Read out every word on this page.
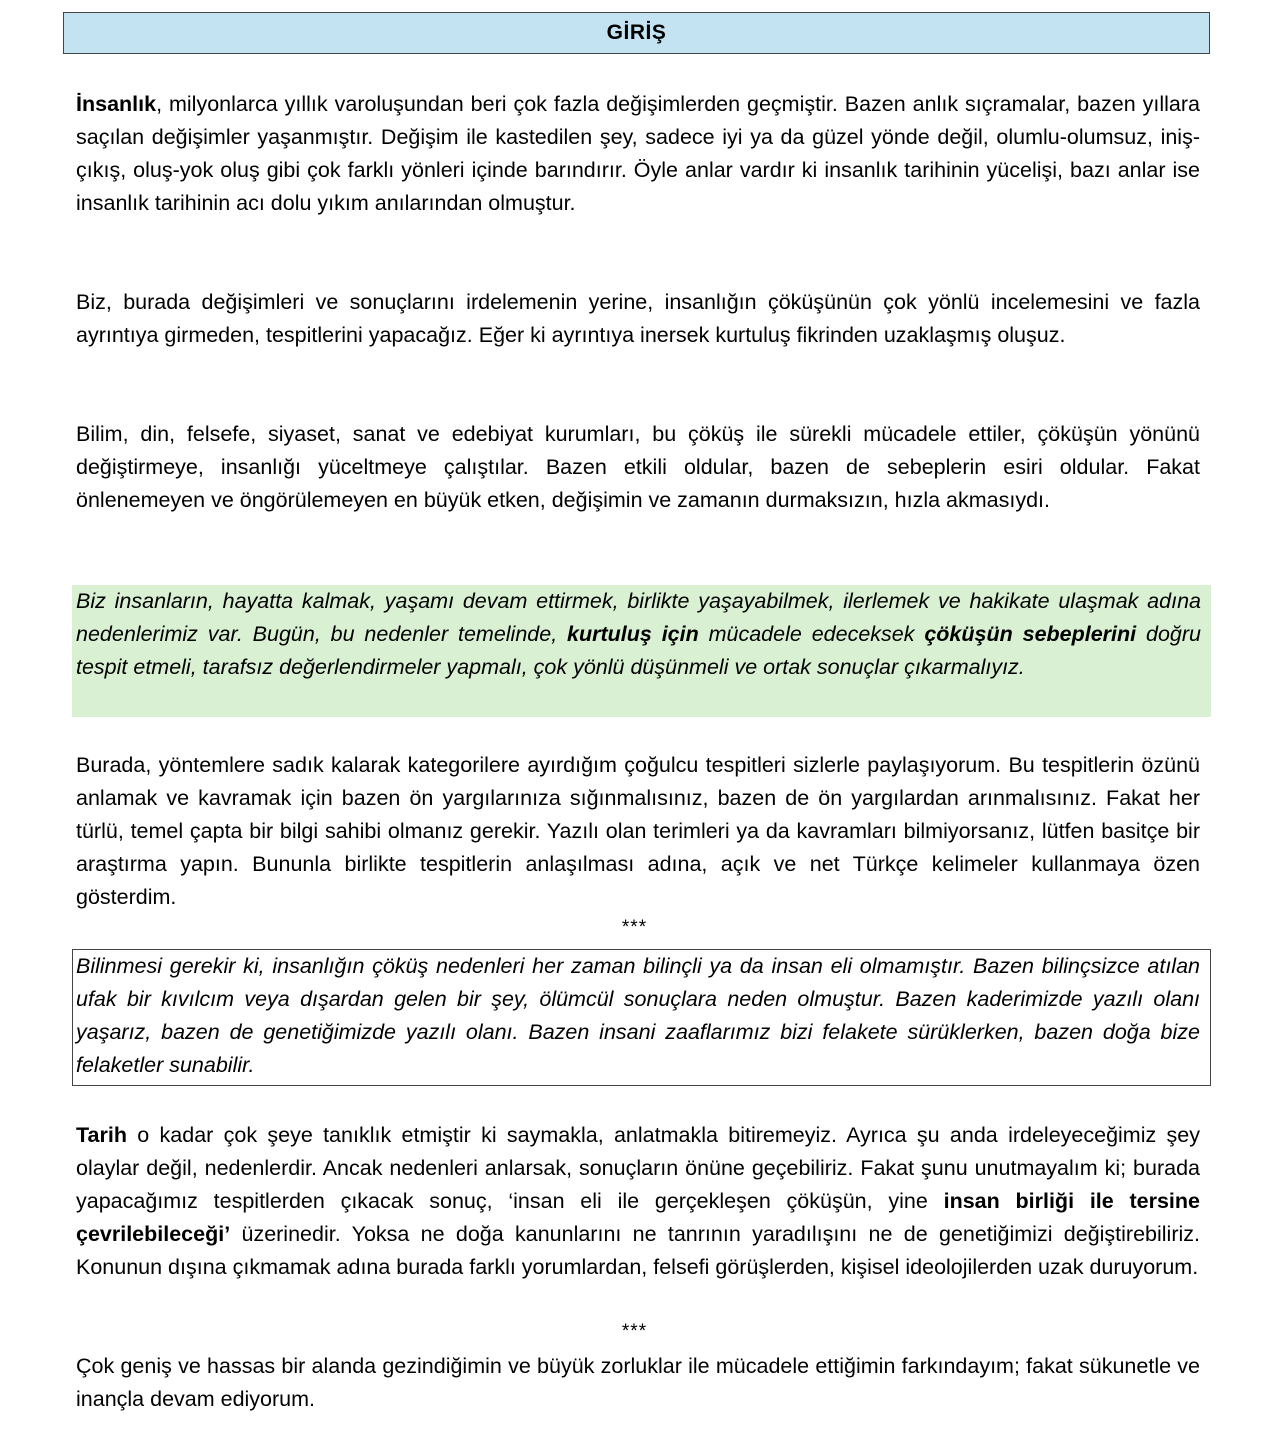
GİRİŞ

İnsanlık, milyonlarca yıllık varoluşundan beri çok fazla değişimlerden geçmiştir. Bazen anlık sıçramalar, bazen yıllara saçılan değişimler yaşanmıştır. Değişim ile kastedilen şey, sadece iyi ya da güzel yönde değil, olumlu-olumsuz, iniş-çıkış, oluş-yok oluş gibi çok farklı yönleri içinde barındırır. Öyle anlar vardır ki insanlık tarihinin yücelişi, bazı anlar ise insanlık tarihinin acı dolu yıkım anılarından olmuştur.

Biz, burada değişimleri ve sonuçlarını irdelemenin yerine, insanlığın çöküşünün çok yönlü incelemesini ve fazla ayrıntıya girmeden, tespitlerini yapacağız. Eğer ki ayrıntıya inersek kurtuluş fikrinden uzaklaşmış oluşuz.

Bilim, din, felsefe, siyaset, sanat ve edebiyat kurumları, bu çöküş ile sürekli mücadele ettiler, çöküşün yönünü değiştirmeye, insanlığı yüceltmeye çalıştılar. Bazen etkili oldular, bazen de sebeplerin esiri oldular. Fakat önlenemeyen ve öngörülemeyen en büyük etken, değişimin ve zamanın durmaksızın, hızla akmasıydı.

Biz insanların, hayatta kalmak, yaşamı devam ettirmek, birlikte yaşayabilmek, ilerlemek ve hakikate ulaşmak adına nedenlerimiz var. Bugün, bu nedenler temelinde, kurtuluş için mücadele edeceksek çöküşün sebeplerini doğru tespit etmeli, tarafsız değerlendirmeler yapmalı, çok yönlü düşünmeli ve ortak sonuçlar çıkarmalıyız.

Burada, yöntemlere sadık kalarak kategorilere ayırdığım çoğulcu tespitleri sizlerle paylaşıyorum. Bu tespitlerin özünü anlamak ve kavramak için bazen ön yargılarınıza sığınmalısınız, bazen de ön yargılardan arınmalısınız. Fakat her türlü, temel çapta bir bilgi sahibi olmanız gerekir. Yazılı olan terimleri ya da kavramları bilmiyorsanız, lütfen basitçe bir araştırma yapın. Bununla birlikte tespitlerin anlaşılması adına, açık ve net Türkçe kelimeler kullanmaya özen gösterdim.

***

Bilinmesi gerekir ki, insanlığın çöküş nedenleri her zaman bilinçli ya da insan eli olmamıştır. Bazen bilinçsizce atılan ufak bir kıvılcım veya dışardan gelen bir şey, ölümcül sonuçlara neden olmuştur. Bazen kaderimizde yazılı olanı yaşarız, bazen de genetiğimizde yazılı olanı. Bazen insani zaaflarımız bizi felakete sürüklerken, bazen doğa bize felaketler sunabilir.

Tarih o kadar çok şeye tanıklık etmiştir ki saymakla, anlatmakla bitiremeyiz. Ayrıca şu anda irdeleyeceğimiz şey olaylar değil, nedenlerdir. Ancak nedenleri anlarsak, sonuçların önüne geçebiliriz. Fakat şunu unutmayalım ki; burada yapacağımız tespitlerden çıkacak sonuç, ‘insan eli ile gerçekleşen çöküşün, yine insan birliği ile tersine çevrilebileceği’ üzerinedir. Yoksa ne doğa kanunlarını ne tanrının yaradılışını ne de genetiğimizi değiştirebiliriz. Konunun dışına çıkmamak adına burada farklı yorumlardan, felsefi görüşlerden, kişisel ideolojilerden uzak duruyorum.

***

Çok geniş ve hassas bir alanda gezindiğimin ve büyük zorluklar ile mücadele ettiğimin farkındayım; fakat sükunetle ve inançla devam ediyorum.
